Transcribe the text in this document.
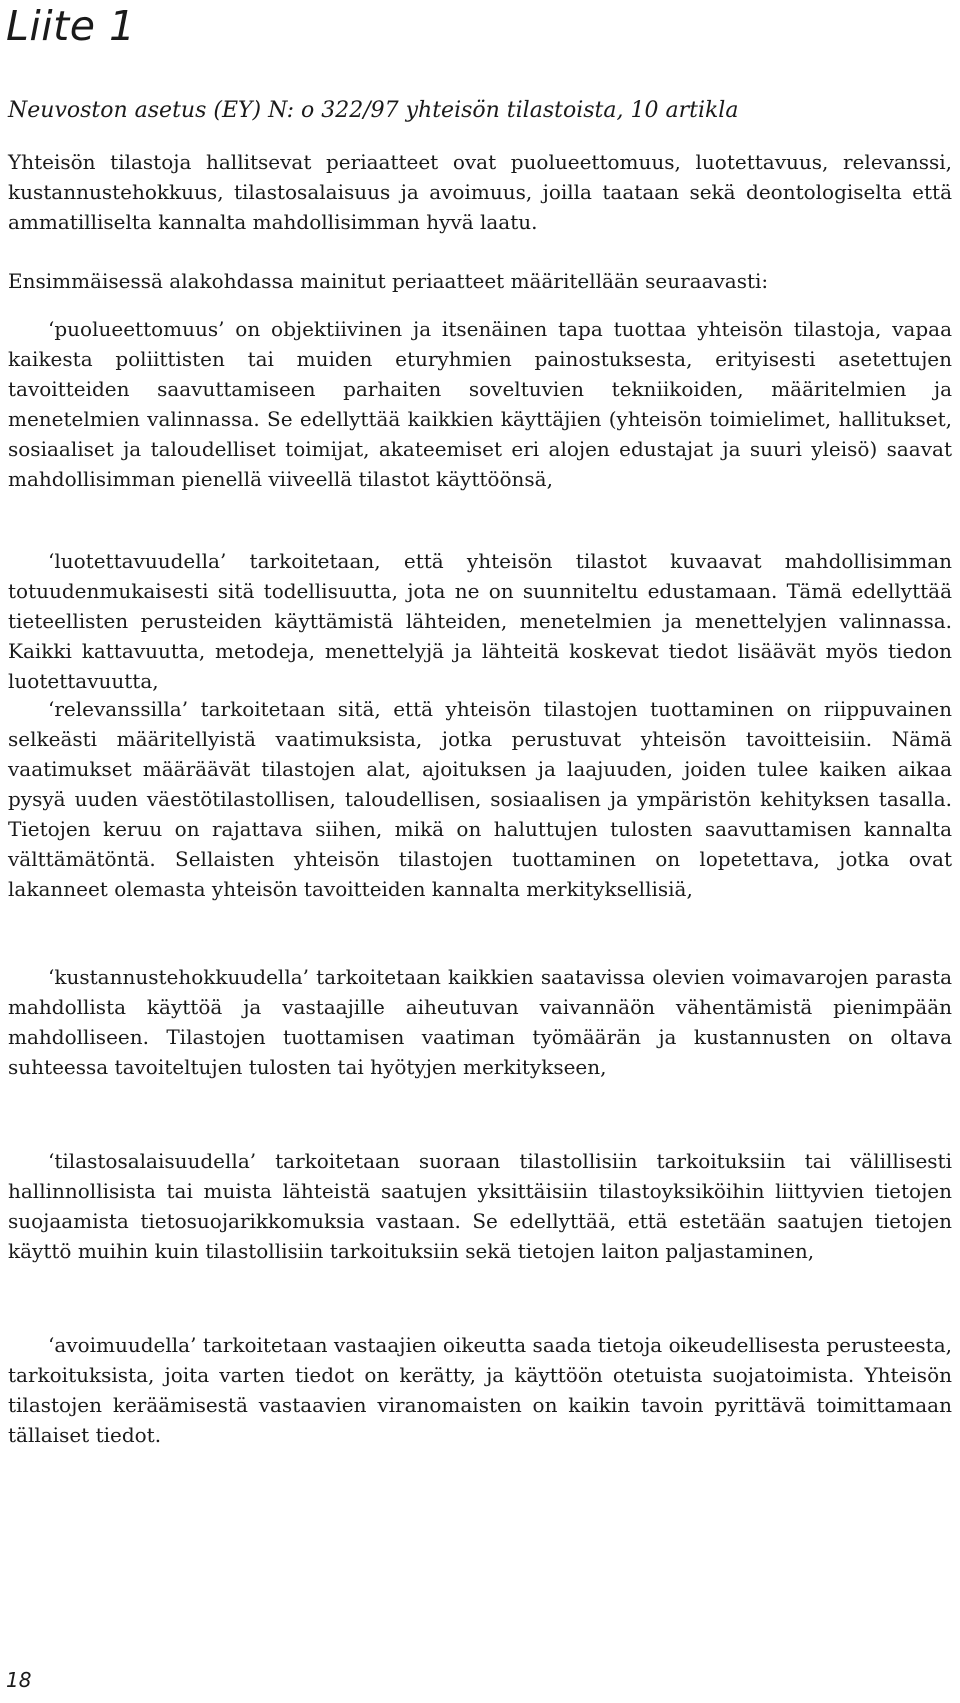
Liite 1
Neuvoston asetus (EY) N: o 322/97 yhteisön tilastoista, 10 artikla

Yhteisön tilastoja hallitsevat periaatteet ovat puolueettomuus, luotettavuus, relevanssi, kustannustehokkuus, tilastosalaisuus ja avoimuus, joilla taataan sekä deontologiselta että ammatilliselta kannalta mahdollisimman hyvä laatu.

Ensimmäisessä alakohdassa mainitut periaatteet määritellään seuraavasti:

‘puolueettomuus’ on objektiivinen ja itsenäinen tapa tuottaa yhteisön tilastoja, vapaa kaikesta poliittisten tai muiden eturyhmien painostuksesta, erityisesti asetettujen tavoitteiden saavuttamiseen parhaiten soveltuvien tekniikoiden, määritelmien ja menetelmien valinnassa. Se edellyttää kaikkien käyttäjien (yhteisön toimielimet, hallitukset, sosiaaliset ja taloudelliset toimijat, akateemiset eri alojen edustajat ja suuri yleisö) saavat mahdollisimman pienellä viiveellä tilastot käyttöönsä,

‘luotettavuudella’ tarkoitetaan, että yhteisön tilastot kuvaavat mahdollisimman totuudenmukaisesti sitä todellisuutta, jota ne on suunniteltu edustamaan. Tämä edellyttää tieteellisten perusteiden käyttämistä lähteiden, menetelmien ja menettelyjen valinnassa. Kaikki kattavuutta, metodeja, menettelyjä ja lähteitä koskevat tiedot lisäävät myös tiedon luotettavuutta,

‘relevanssilla’ tarkoitetaan sitä, että yhteisön tilastojen tuottaminen on riippuvainen selkeästi määritellyistä vaatimuksista, jotka perustuvat yhteisön tavoitteisiin. Nämä vaatimukset määräävät tilastojen alat, ajoituksen ja laajuuden, joiden tulee kaiken aikaa pysyä uuden väestötilastollisen, taloudellisen, sosiaalisen ja ympäristön kehityksen tasalla. Tietojen keruu on rajattava siihen, mikä on haluttujen tulosten saavuttamisen kannalta välttämätöntä. Sellaisten yhteisön tilastojen tuottaminen on lopetettava, jotka ovat lakanneet olemasta yhteisön tavoitteiden kannalta merkityksellisiä,

‘kustannustehokkuudella’ tarkoitetaan kaikkien saatavissa olevien voimavarojen parasta mahdollista käyttöä ja vastaajille aiheutuvan vaivannäön vähentämistä pienimpään mahdolliseen. Tilastojen tuottamisen vaatiman työmäärän ja kustannusten on oltava suhteessa tavoiteltujen tulosten tai hyötyjen merkitykseen,

‘tilastosalaisuudella’ tarkoitetaan suoraan tilastollisiin tarkoituksiin tai välillisesti hallinnollisista tai muista lähteistä saatujen yksittäisiin tilastoyksiköihin liittyvien tietojen suojaamista tietosuojarikkomuksia vastaan. Se edellyttää, että estetään saatujen tietojen käyttö muihin kuin tilastollisiin tarkoituksiin sekä tietojen laiton paljastaminen,

‘avoimuudella’ tarkoitetaan vastaajien oikeutta saada tietoja oikeudellisesta perusteesta, tarkoituksista, joita varten tiedot on kerätty, ja käyttöön otetuista suojatoimista. Yhteisön tilastojen keräämisestä vastaavien viranomaisten on kaikin tavoin pyrittävä toimittamaan tällaiset tiedot.

18
